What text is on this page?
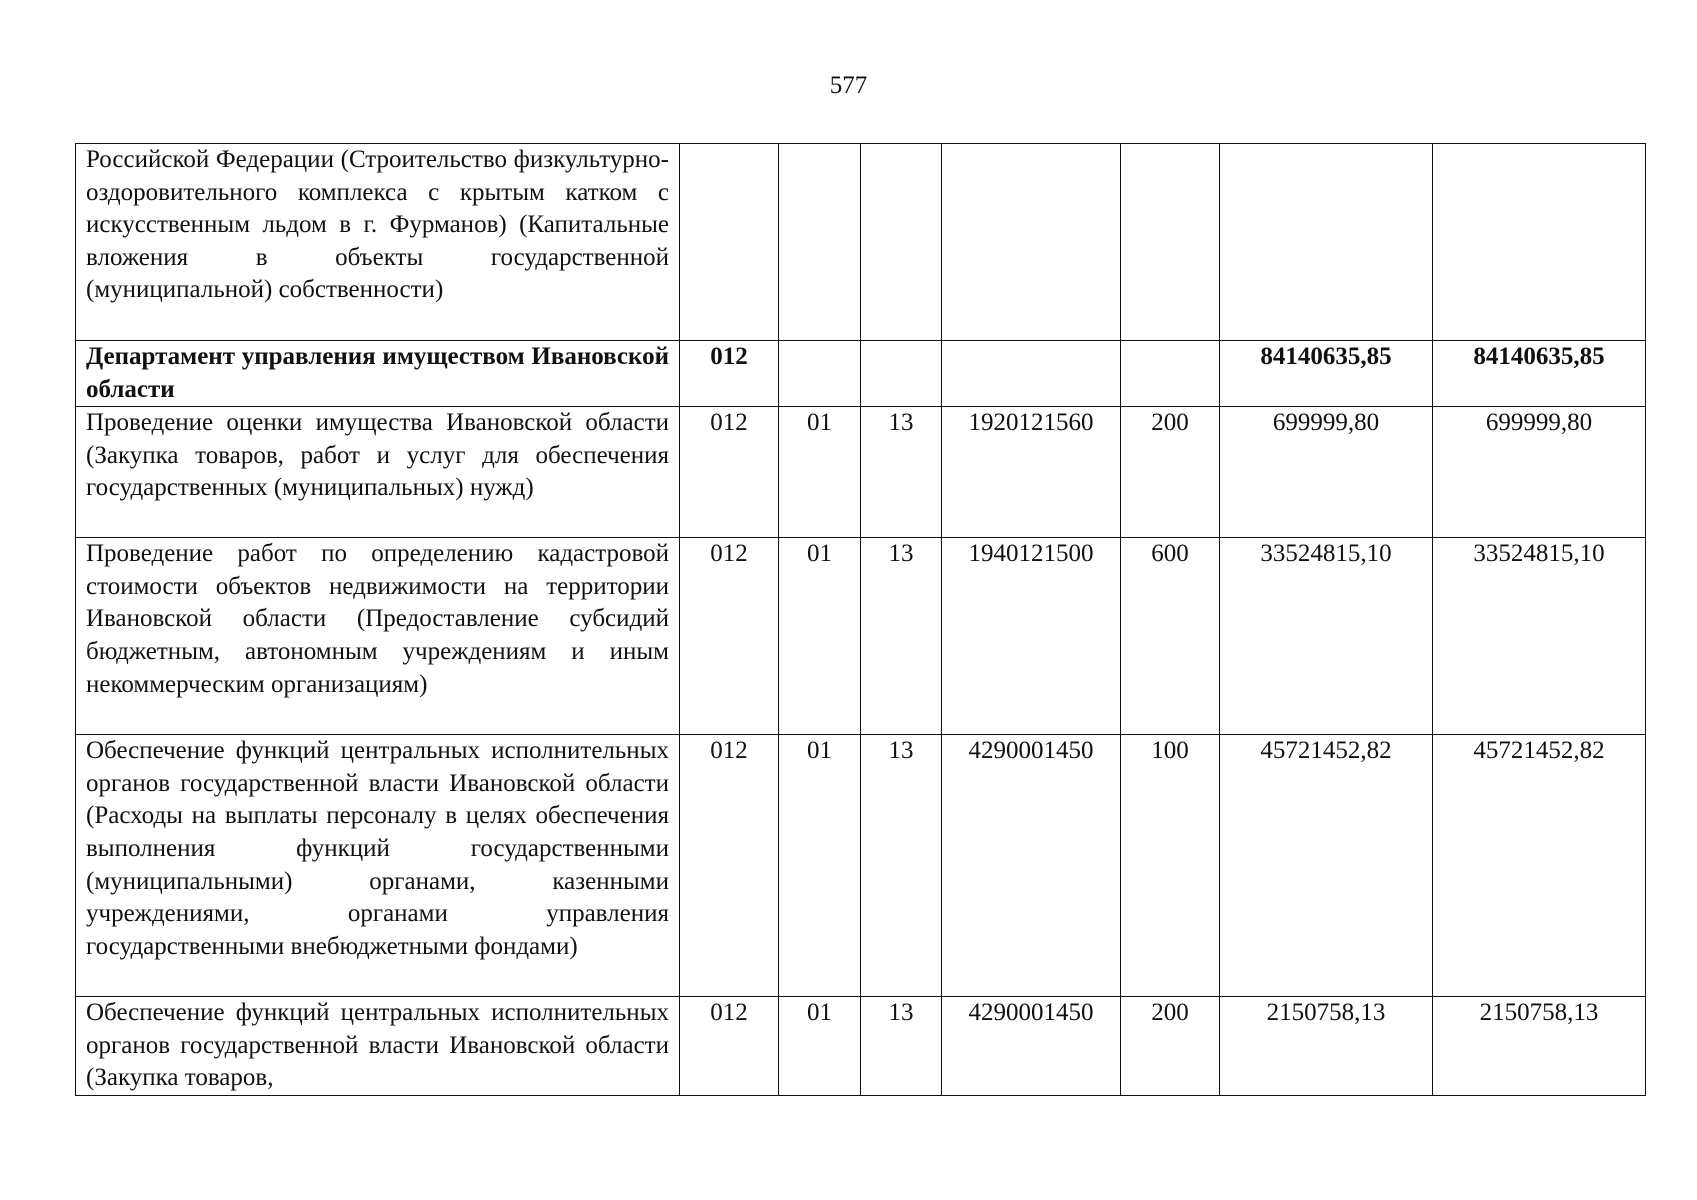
577
Российской Федерации (Строительство физкультурно-оздоровительного комплекса с крытым катком с искусственным льдом в г. Фурманов) (Капитальные вложения в объекты государственной (муниципальной) собственности)							
Департамент управления имуществом Ивановской области	012					84140635,85	84140635,85
Проведение оценки имущества Ивановской области (Закупка товаров, работ и услуг для обеспечения государственных (муниципальных) нужд)	012	01	13	1920121560	200	699999,80	699999,80
Проведение работ по определению кадастровой стоимости объектов недвижимости на территории Ивановской области (Предоставление субсидий бюджетным, автономным учреждениям и иным некоммерческим организациям)	012	01	13	1940121500	600	33524815,10	33524815,10
Обеспечение функций центральных исполнительных органов государственной власти Ивановской области (Расходы на выплаты персоналу в целях обеспечения выполнения функций государственными (муниципальными) органами, казенными учреждениями, органами управления государственными внебюджетными фондами)	012	01	13	4290001450	100	45721452,82	45721452,82
Обеспечение функций центральных исполнительных органов государственной власти Ивановской области (Закупка товаров,	012	01	13	4290001450	200	2150758,13	2150758,13
